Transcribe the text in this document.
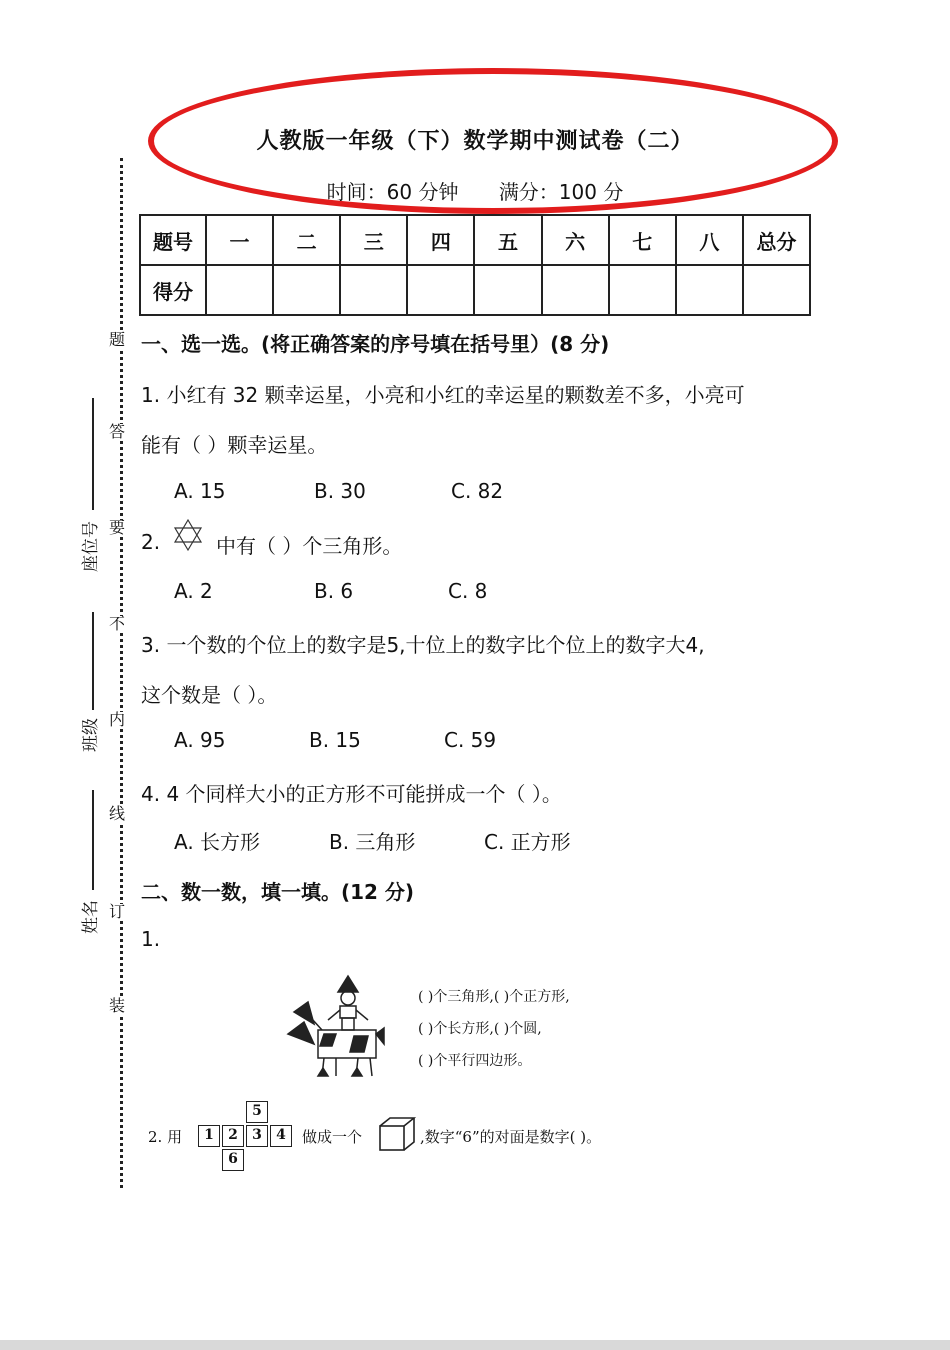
人教版一年级（下）数学期中测试卷（二）
时间：60 分钟 满分：100 分
题号	一	二	三	四	五	六	七	八	总分
得分									
题
答
要
不
内
线
订
装
座位号
班级
姓名
一、选一选。(将正确答案的序号填在括号里）(8 分)
1. 小红有 32 颗幸运星，小亮和小红的幸运星的颗数差不多，小亮可
能有（ ）颗幸运星。
A. 15	B. 30	C. 82
2.	中有（ ）个三角形。
A. 2	B. 6	C. 8
3. 一个数的个位上的数字是5,十位上的数字比个位上的数字大4,
这个数是（ ）。
A. 95	B. 15	C. 59
4. 4 个同样大小的正方形不可能拼成一个（ ）。
A. 长方形	B. 三角形	C. 正方形
二、数一数，填一填。(12 分)
1.
( )个三角形,( )个正方形,
( )个长方形,( )个圆,
( )个平行四边形。
2. 用
5
1	2	3	4
6
做成一个	,数字“6”的对面是数字( )。
